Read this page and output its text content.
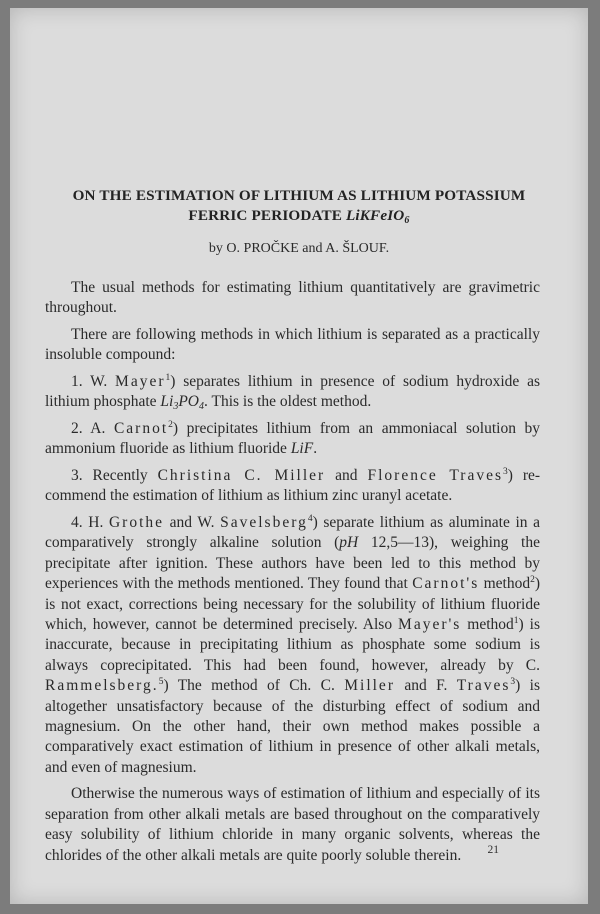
ON THE ESTIMATION OF LITHIUM AS LITHIUM POTASSIUM
FERRIC PERIODATE LiKFeIO$_6$
by O. PROČKE and A. ŠLOUF.

The usual methods for estimating lithium quantitatively are gravimetric throughout.

There are following methods in which lithium is separated as a practically insoluble compound:

1. W. Mayer$^1$) separates lithium in presence of sodium hydroxide as lithium phosphate $Li_3PO_4$. This is the oldest method.

2. A. Carnot$^2$) precipitates lithium from an ammoniacal solution by ammonium fluoride as lithium fluoride LiF.

3. Recently Christina C. Miller and Florence Traves$^3$) recommend the estimation of lithium as lithium zinc uranyl acetate.

4. H. Grothe and W. Savelsberg$^4$) separate lithium as aluminate in a comparatively strongly alkaline solution (pH 12,5—13), weighing the precipitate after ignition. These authors have been led to this method by experiences with the methods mentioned. They found that Carnot's method$^2$) is not exact, corrections being necessary for the solubility of lithium fluoride which, however, cannot be determined precisely. Also Mayer's method$^1$) is inaccurate, because in precipitating lithium as phosphate some sodium is always coprecipitated. This had been found, however, already by C. Rammelsberg.$^5$) The method of Ch. C. Miller and F. Traves$^3$) is altogether unsatisfactory because of the disturbing effect of sodium and magnesium. On the other hand, their own method makes possible a comparatively exact estimation of lithium in presence of other alkali metals, and even of magnesium.

Otherwise the numerous ways of estimation of lithium and especially of its separation from other alkali metals are based throughout on the comparatively easy solubility of lithium chloride in many organic solvents, whereas the chlorides of the other alkali metals are quite poorly soluble therein.	21
